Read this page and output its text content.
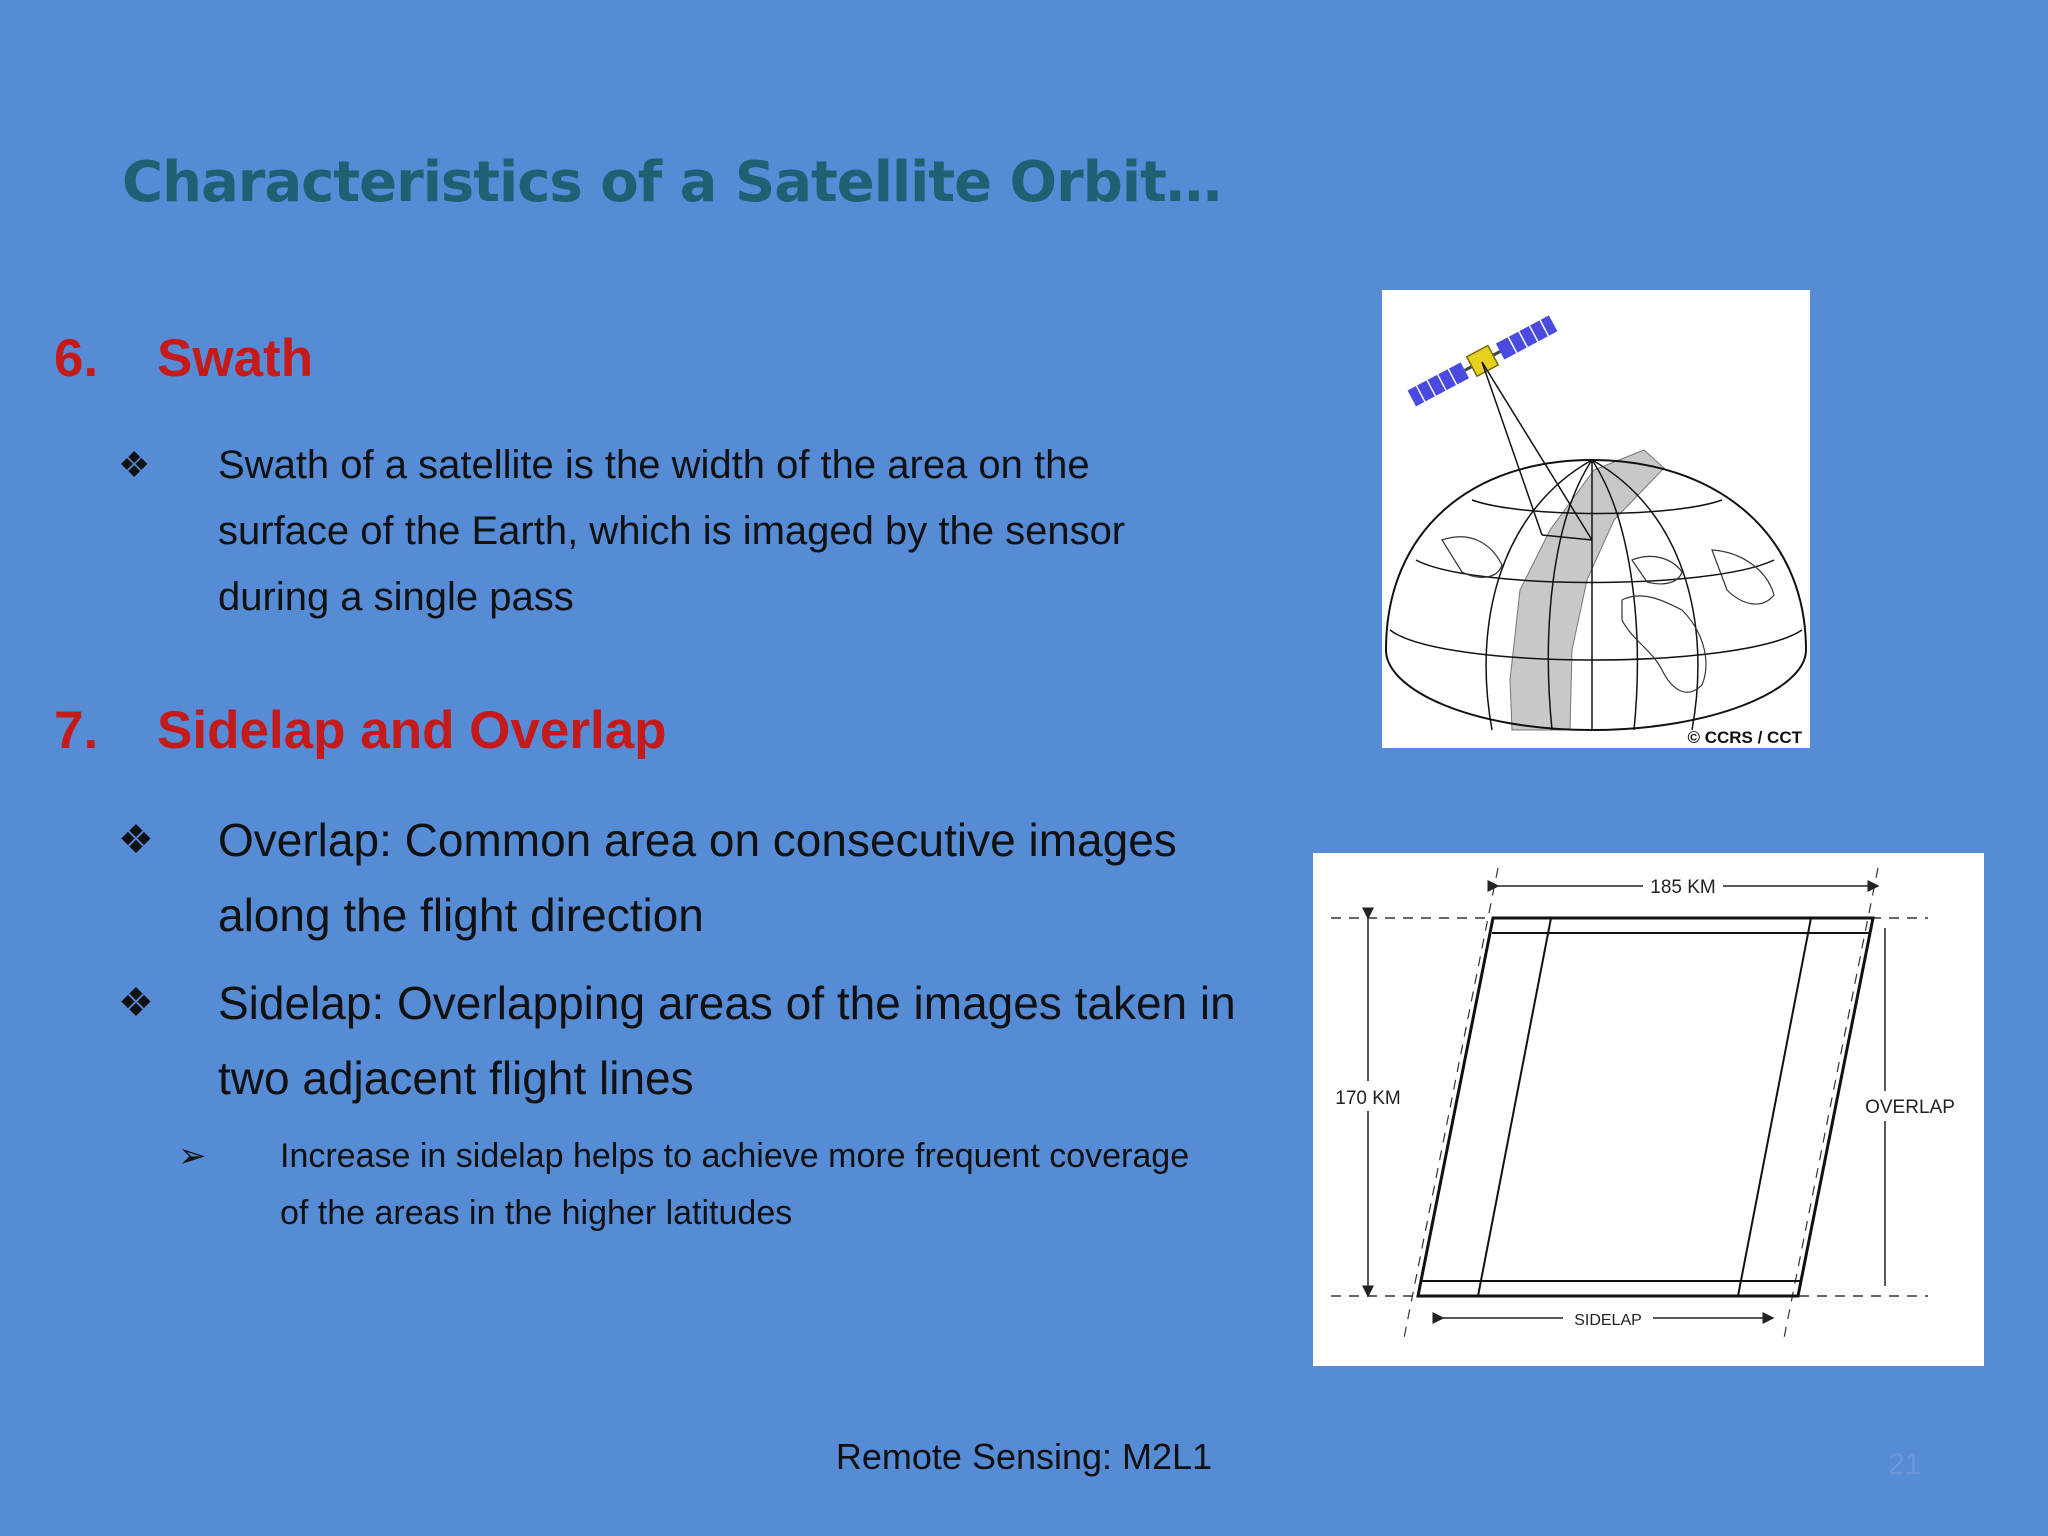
Characteristics of a Satellite Orbit…
6. Swath
❖ Swath of a satellite is the width of the area on the
surface of the Earth, which is imaged by the sensor
during a single pass
7. Sidelap and Overlap
❖ Overlap: Common area on consecutive images
along the flight direction
❖ Sidelap: Overlapping areas of the images taken in
two adjacent flight lines
➢ Increase in sidelap helps to achieve more frequent coverage
of the areas in the higher latitudes
© CCRS / CCT
185 KM
170 KM	OVERLAP
SIDELAP
Remote Sensing: M2L1	21
